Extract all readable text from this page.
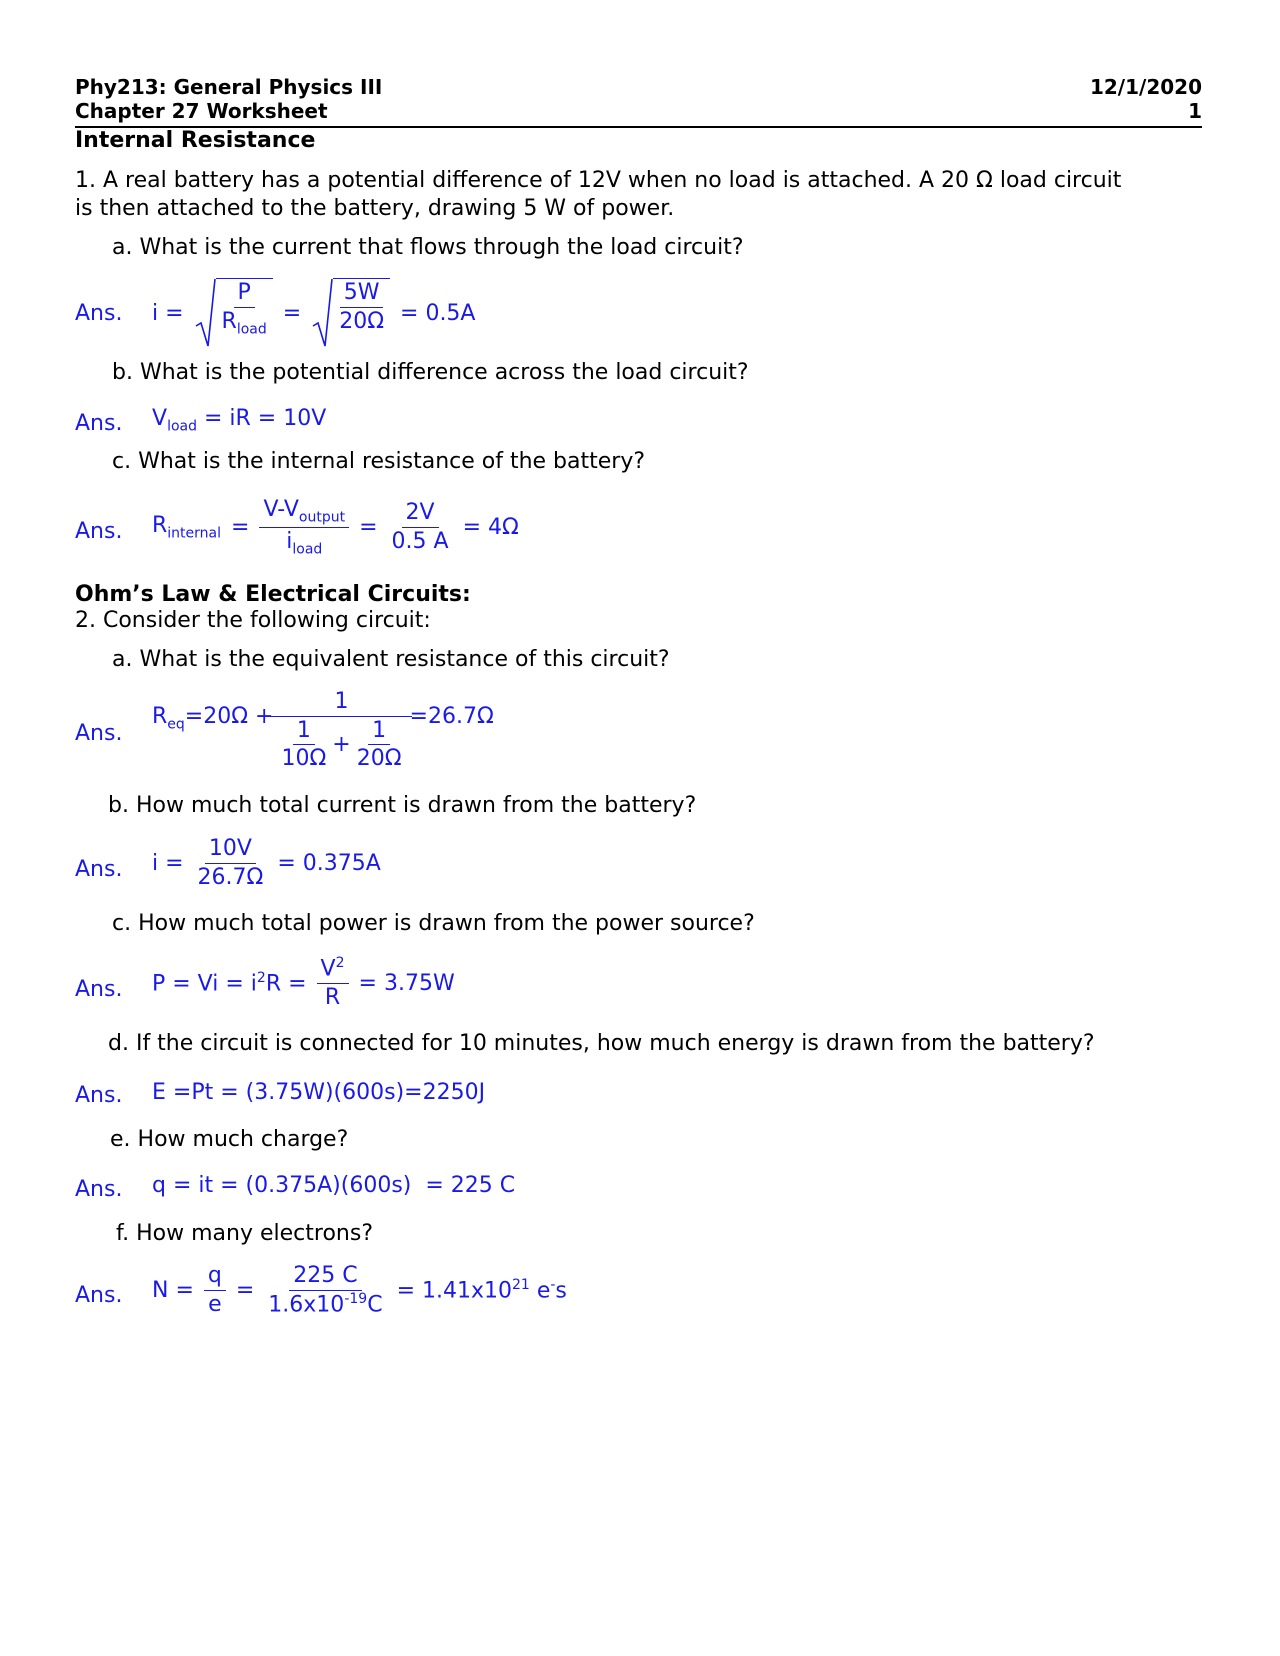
Phy213: General Physics III
Chapter 27 Worksheet
12/1/2020
1
Internal Resistance
1. A real battery has a potential difference of 12V when no load is attached. A 20 Ω load circuit
is then attached to the battery, drawing 5 W of power.
a. What is the current that flows through the load circuit?
Ans. $i = \frac{P}{R_{load}} = \frac{5W}{20\Omega} = 0.5A$
b. What is the potential difference across the load circuit?
Ans. $V_{load}$ = iR = 10V
c. What is the internal resistance of the battery?
Ans. $R_{internal} = \frac{V-V_{output}}{i_{load}} = \frac{2V}{0.5 A} = 4\Omega$
Ohm’s Law & Electrical Circuits:
2. Consider the following circuit:
a. What is the equivalent resistance of this circuit?
Ans.
$R_{eq}=20\Omega + \frac{1}{\frac{1}{10\Omega} + \frac{1}{20\Omega}} =26.7\Omega$
b. How much total current is drawn from the battery?
Ans. $i = \frac{10V}{26.7\Omega} = 0.375A$
c. How much total power is drawn from the power source?
Ans. $P = Vi = i^2R = \frac{V^2}{R} = 3.75W$
d. If the circuit is connected for 10 minutes, how much energy is drawn from the battery?
Ans. E =Pt = (3.75W)(600s)=2250J
e. How much charge?
Ans. q = it = (0.375A)(600s)  = 225 C
f. How many electrons?
Ans. $N = \frac{q}{e} = \frac{225 C}{1.6x10^{-19}C} = 1.41x10^{21}$ e-s
